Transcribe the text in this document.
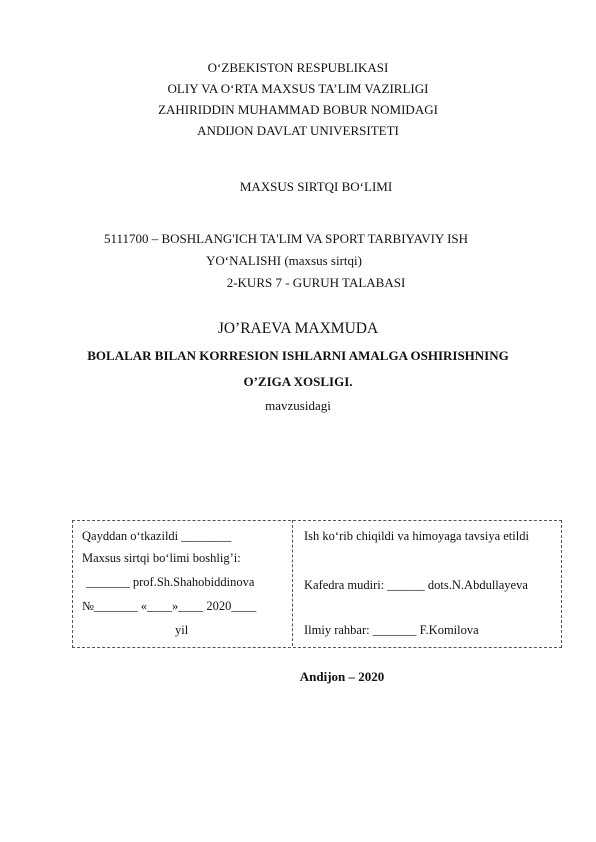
O‘ZBEKISTON RESPUBLIKASI
OLIY VA O‘RTA MAXSUS TA’LIM VAZIRLIGI
ZAHIRIDDIN MUHAMMAD BOBUR NOMIDAGI
ANDIJON DAVLAT UNIVERSITETI
MAXSUS SIRTQI BO‘LIMI
5111700 – BOSHLANG'ICH TA'LIM VA SPORT TARBIYAVIY ISH
YO‘NALISHI (maxsus sirtqi)
2-KURS 7 - GURUH TALABASI
JO’RAEVA MAXMUDA
BOLALAR BILAN KORRESION ISHLARNI AMALGA OSHIRISHNING
O’ZIGA XOSLIGI.
mavzusidagi
Qayddan o‘tkazildi ________
Maxsus sirtqi bo‘limi boshlig’i:
_______ prof.Sh.Shahobiddinova
№_______ «____»____ 2020____
yil
Ish ko‘rib chiqildi va himoyaga tavsiya etildi
Kafedra mudiri: ______ dots.N.Abdullayeva
Ilmiy rahbar: _______ F.Komilova
Andijon – 2020
